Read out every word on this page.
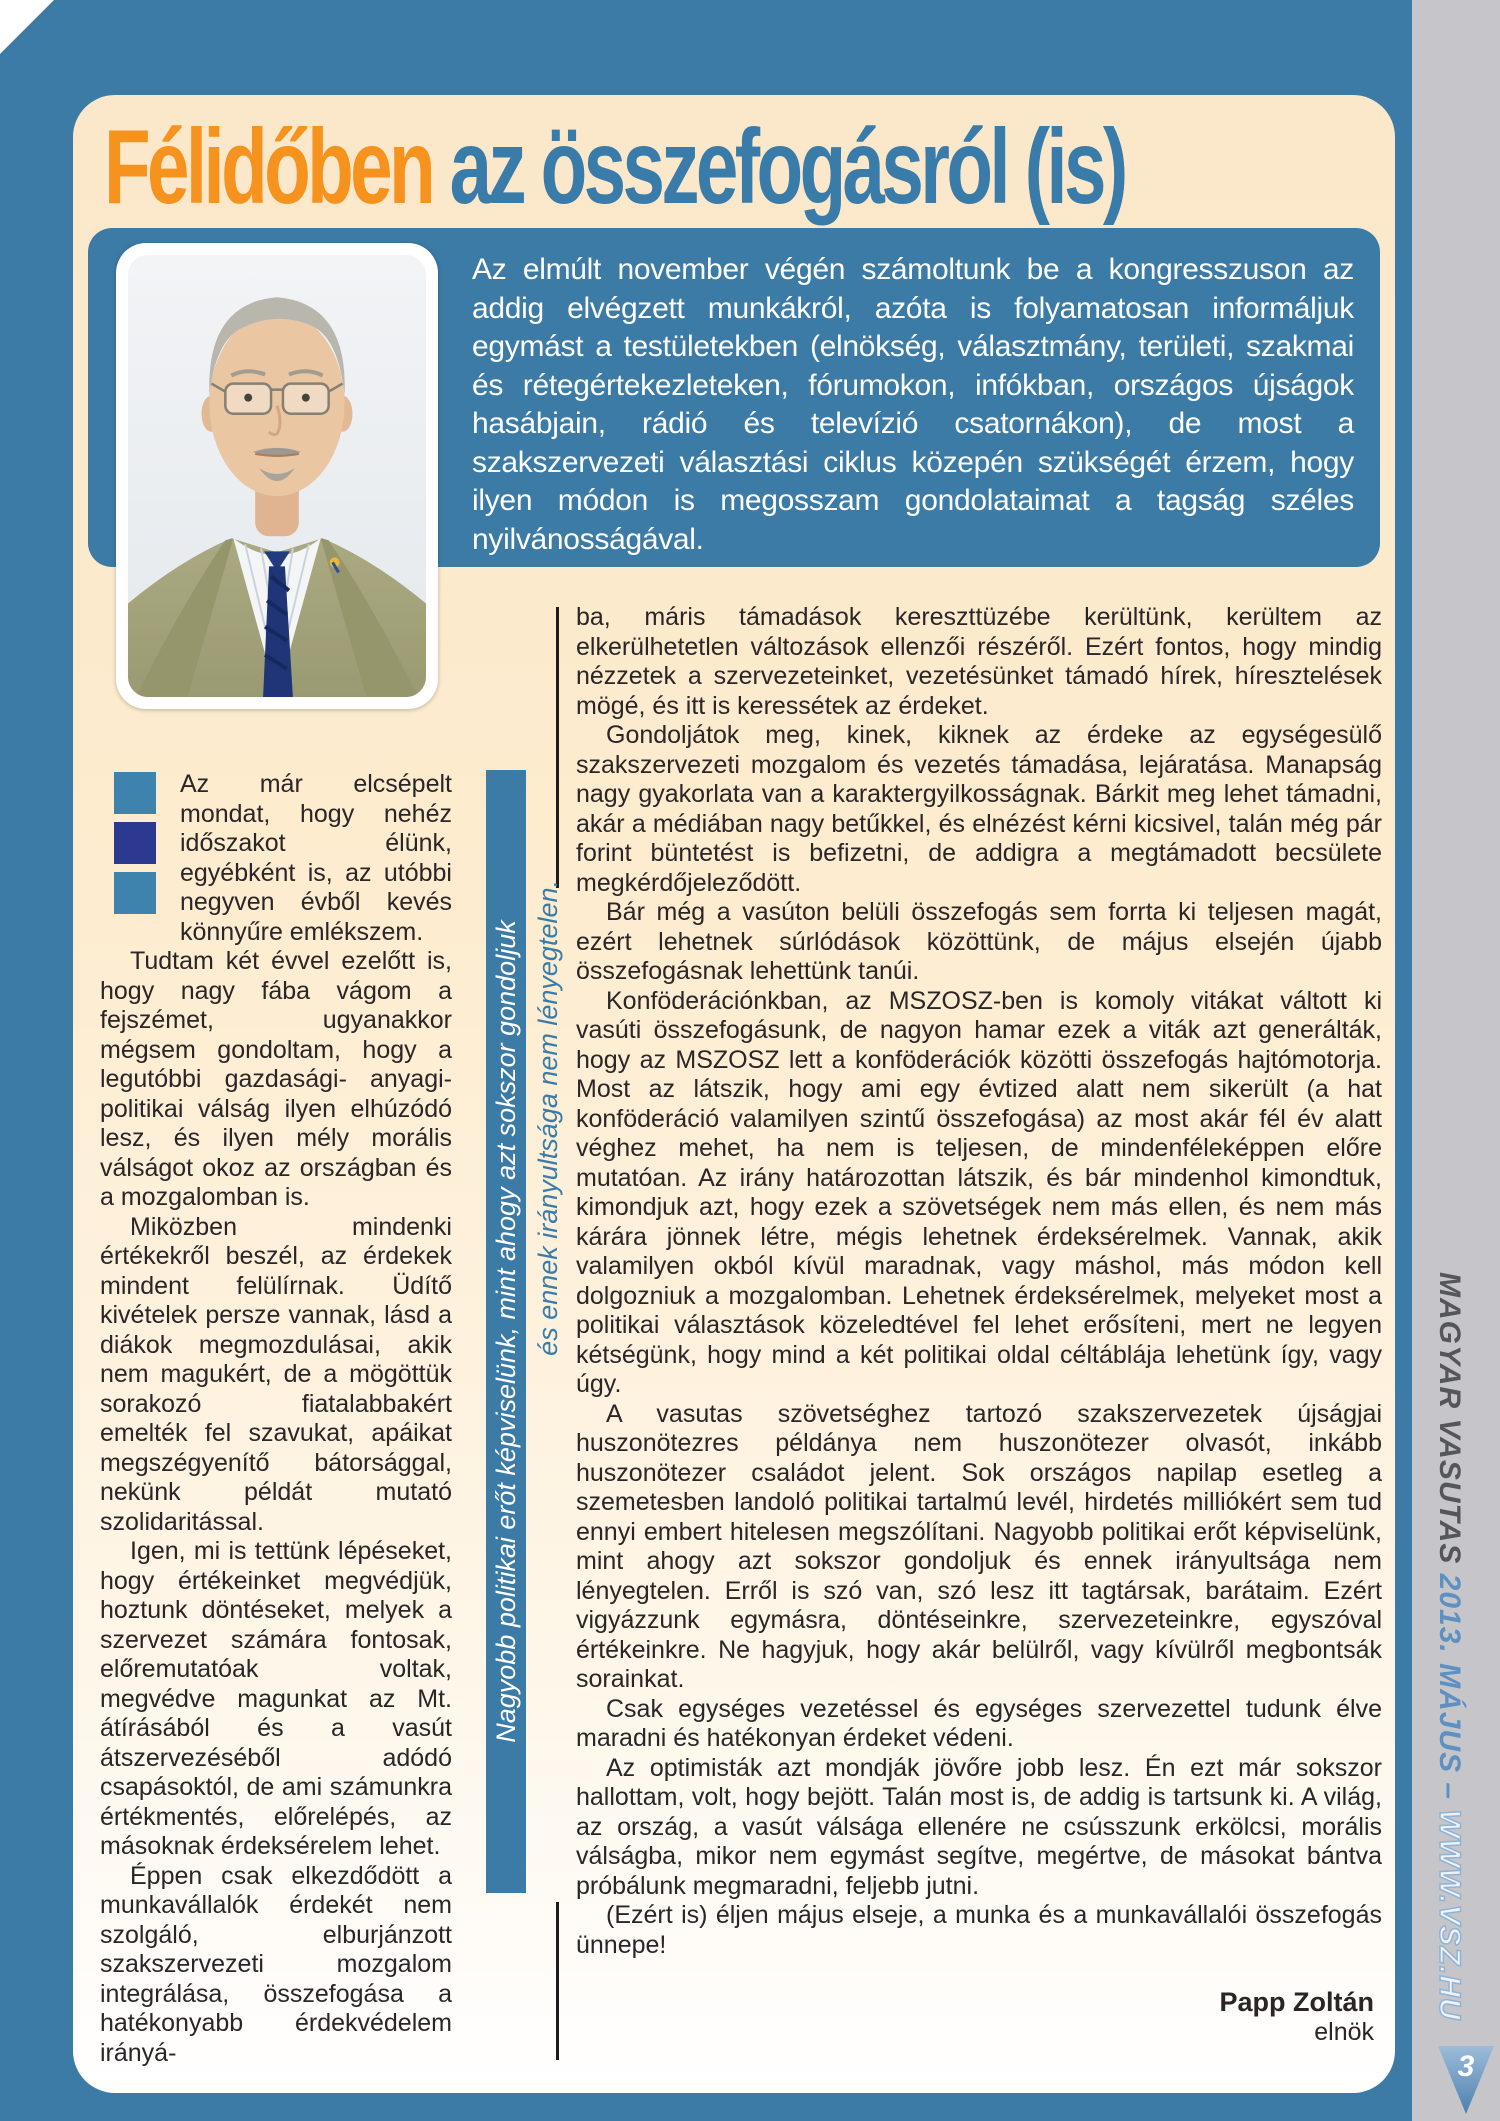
Félidőben az összefogásról (is)
Az elmúlt november végén számoltunk be a kongresszuson az addig elvégzett munkákról, azóta is folyamatosan informáljuk egymást a testületekben (elnökség, választmány, területi, szakmai és rétegértekezleteken, fórumokon, infókban, országos újságok hasábjain, rádió és televízió csatornákon), de most a szakszervezeti választási ciklus közepén szükségét érzem, hogy ilyen módon is megosszam gondolataimat a tagság széles nyilvánosságával.
Nagyobb politikai erőt képviselünk, mint ahogy azt sokszor gondoljuk és ennek irányultsága nem lényegtelen.

Az már elcsépelt mondat, hogy nehéz időszakot élünk, egyébként is, az utóbbi negyven évből kevés könnyűre emlékszem.

Tudtam két évvel ezelőtt is, hogy nagy fába vágom a fejszémet, ugyanakkor mégsem gondoltam, hogy a legutóbbi gazdasági- anyagi- politikai válság ilyen elhúzódó lesz, és ilyen mély morális válságot okoz az országban és a mozgalomban is.

Miközben mindenki értékekről beszél, az érdekek mindent felülírnak. Üdítő kivételek persze vannak, lásd a diákok megmozdulásai, akik nem magukért, de a mögöttük sorakozó fiatalabbakért emelték fel szavukat, apáikat megszégyenítő bátorsággal, nekünk példát mutató szolidaritással.

Igen, mi is tettünk lépéseket, hogy értékeinket megvédjük, hoztunk döntéseket, melyek a szervezet számára fontosak, előremutatóak voltak, megvédve magunkat az Mt. átírásából és a vasút átszervezéséből adódó csapásoktól, de ami számunkra értékmentés, előrelépés, az másoknak érdeksérelem lehet.

Éppen csak elkezdődött a munkavállalók érdekét nem szolgáló, elburjánzott szakszervezeti mozgalom integrálása, összefogása a hatékonyabb érdekvédelem irányá-

ba, máris támadások kereszttüzébe kerültünk, kerültem az elkerülhetetlen változások ellenzői részéről. Ezért fontos, hogy mindig nézzetek a szervezeteinket, vezetésünket támadó hírek, híresztelések mögé, és itt is keressétek az érdeket.

Gondoljátok meg, kinek, kiknek az érdeke az egységesülő szakszervezeti mozgalom és vezetés támadása, lejáratása. Manapság nagy gyakorlata van a karaktergyilkosságnak. Bárkit meg lehet támadni, akár a médiában nagy betűkkel, és elnézést kérni kicsivel, talán még pár forint büntetést is befizetni, de addigra a megtámadott becsülete megkérdőjeleződött.

Bár még a vasúton belüli összefogás sem forrta ki teljesen magát, ezért lehetnek súrlódások közöttünk, de május elsején újabb összefogásnak lehettünk tanúi.

Konföderációnkban, az MSZOSZ-ben is komoly vitákat váltott ki vasúti összefogásunk, de nagyon hamar ezek a viták azt generálták, hogy az MSZOSZ lett a konföderációk közötti összefogás hajtómotorja. Most az látszik, hogy ami egy évtized alatt nem sikerült (a hat konföderáció valamilyen szintű összefogása) az most akár fél év alatt véghez mehet, ha nem is teljesen, de mindenféleképpen előre mutatóan. Az irány határozottan látszik, és bár mindenhol kimondtuk, kimondjuk azt, hogy ezek a szövetségek nem más ellen, és nem más kárára jönnek létre, mégis lehetnek érdeksérelmek. Vannak, akik valamilyen okból kívül maradnak, vagy máshol, más módon kell dolgozniuk a mozgalomban. Lehetnek érdeksérelmek, melyeket most a politikai választások közeledtével fel lehet erősíteni, mert ne legyen kétségünk, hogy mind a két politikai oldal céltáblája lehetünk így, vagy úgy.

A vasutas szövetséghez tartozó szakszervezetek újságjai huszonötezres példánya nem huszonötezer olvasót, inkább huszonötezer családot jelent. Sok országos napilap esetleg a szemetesben landoló politikai tartalmú levél, hirdetés milliókért sem tud ennyi embert hitelesen megszólítani. Nagyobb politikai erőt képviselünk, mint ahogy azt sokszor gondoljuk és ennek irányultsága nem lényegtelen. Erről is szó van, szó lesz itt tagtársak, barátaim. Ezért vigyázzunk egymásra, döntéseinkre, szervezeteinkre, egyszóval értékeinkre. Ne hagyjuk, hogy akár belülről, vagy kívülről megbontsák sorainkat.

Csak egységes vezetéssel és egységes szervezettel tudunk élve maradni és hatékonyan érdeket védeni.

Az optimisták azt mondják jövőre jobb lesz. Én ezt már sokszor hallottam, volt, hogy bejött. Talán most is, de addig is tartsunk ki. A világ, az ország, a vasút válsága ellenére ne csússzunk erkölcsi, morális válságba, mikor nem egymást segítve, megértve, de másokat bántva próbálunk megmaradni, feljebb jutni.

(Ezért is) éljen május elseje, a munka és a munkavállalói összefogás ünnepe!

Papp Zoltán
elnök
MAGYAR VASUTAS 2013. MÁJUS – WWW.VSZ.HU
3
